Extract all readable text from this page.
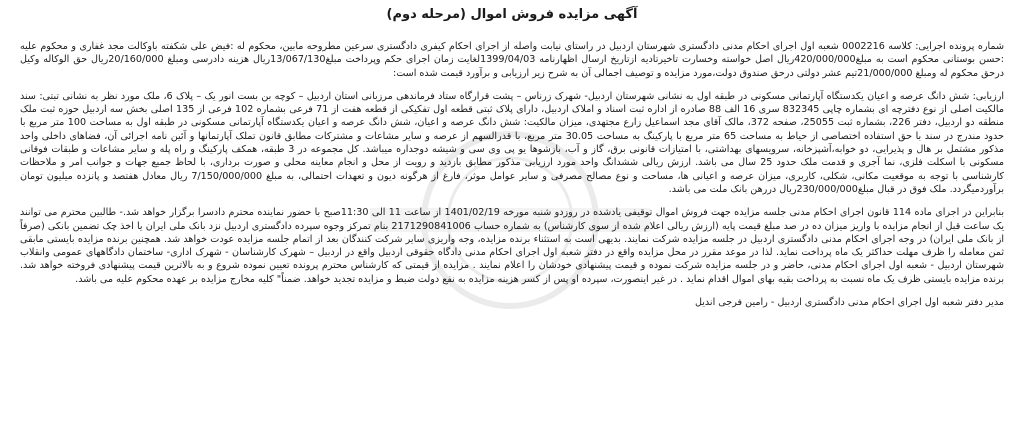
آگهی مزایده فروش اموال (مرحله دوم)

شماره پرونده اجرایی: کلاسه 0002216 شعبه اول اجرای احکام مدنی دادگستری شهرستان اردبیل در راستای نیابت واصله از اجرای احکام کیفری دادگستری سرعین مطروحه مابین، محکوم له :فیض علی شکفته باوکالت مجد غفاری و محکوم علیه :حسن بوستانی محکوم است به مبلغ420/000/000ریال اصل خواسته وخسارت تاخیرتادیه ازتاریخ ارسال اظهارنامه 1399/04/03لغایت زمان اجرای حکم وپرداخت مبلغ13/067/130ریال هزینه دادرسی ومبلغ 20/160/000ریال حق الوکاله وکیل درحق محکوم له ومبلغ 21/000/000تیم عشر دولتی درحق صندوق دولت،مورد مزایده و توصیف اجمالی آن به شرح زیر ارزیابی و برآورد قیمت شده است:

ارزیابی: شش دانگ عرصه و اعیان یکدستگاه آپارتمانی مسکونی در طبقه اول به نشانی شهرستان اردبیل- شهرک زرناس – پشت قرارگاه ستاد فرماندهی مرزبانی استان اردبیل – کوچه بن بست انور یک – پلاک 6، ملک مورد نظر به نشانی تبتی: سند مالکیت اصلی از نوع دفترچه ای بشماره چاپی 832345 سری 16 الف 88 صادره از اداره ثبت اسناد و املاک اردبیل، دارای پلاک ثبتی قطعه اول تفکیکی از قطعه هفت از 71 فرعی بشماره 102 فرعی از 135 اصلی بخش سه اردبیل حوزه ثبت ملک منطقه دو اردبیل، دفتر 226، بشماره ثبت 25055، صفحه 372، مالک آقای مجد اسماعیل زارع مجتهدی، میزان مالکیت: شش دانگ عرصه و اعیان، شش دانگ عرصه و اعیان یکدستگاه آپارتمانی مسکونی در طبقه اول به مساحت 100 متر مربع با حدود مندرج در سند با حق استفاده اختصاصی از حیاط به مساحت 65 متر مربع با پارکینگ به مساحت 30.05 متر مربع، با قدرالسهم از عرصه و سایر مشاعات و مشترکات مطابق قانون تملک آپارتمانها و آئین نامه اجرائی آن، فضاهای داخلی واحد مذکور مشتمل بر هال و پذیرایی، دو خوابه،آشپزخانه، سرویسهای بهداشتی، با امتیازات قانونی برق، گاز و آب، بازشوها یو پی وی سی و شیشه دوجداره میباشد. کل مجموعه در 3 طبقه، همکف پارکینگ و راه پله و سایر مشاعات و طبقات فوقانی مسکونی با اسکلت فلزی، نما آجری و قدمت ملک حدود 25 سال می باشد. ارزش ریالی ششدانگ واحد مورد ارزیابی مذکور مطابق بازدید و رویت از محل و انجام معاینه محلی و صورت برداری، با لحاظ جمیع جهات و جوانب امر و ملاحظات کارشناسی با توجه به موقعیت مکانی، شکلی، کاربری، میزان عرصه و اعیانی ها، مساحت و نوع مصالح مصرفی و سایر عوامل موثر، فارغ از هرگونه دیون و تعهدات احتمالی، به مبلغ 7/150/000/000 ریال معادل هفتصد و پانزده میلیون تومان برآوردمیگردد. ملک فوق در قبال مبلغ230/000/000ریال دررهن بانک ملت می باشد.

بنابراین در اجرای ماده 114 قانون اجرای احکام مدنی جلسه مزایده جهت فروش اموال توقیفی یادشده در روزدو شنبه مورخه 1401/02/19 از ساعت 11 الی 11:30صبح با حضور نماینده محترم دادسرا برگزار خواهد شد.- طالبین محترم می توانند یک ساعت قبل از انجام مزایده با واریز میزان ده در صد مبلغ قیمت پایه (ارزش ریالی اعلام شده از سوی کارشناس) به شماره حساب 2171290841006 بنام تمرکز وجوه سپرده دادگستری اردبیل نزد بانک ملی ایران یا اخذ چک تضمین بانکی (صرفاً از بانک ملی ایران) در وجه اجرای احکام مدنی دادگستری اردبیل در جلسه مزایده شرکت نمایند. بدیهی است به استثناء برنده مزایده، وجه واریزی سایر شرکت کنندگان بعد از اتمام جلسه مزایده عودت خواهد شد. همچنین برنده مزایده بایستی مابقی ثمن معامله را ظرف مهلت حداکثر یک ماه پرداخت نماید. لذا در موعد مقرر در محل مزایده واقع در دفتر شعبه اول اجرای احکام مدنی دادگاه حقوقی اردبیل واقع در اردبیل – شهرک کارشناسان - شهرک اداری- ساختمان دادگاههای عمومی وانقلاب شهرستان اردبیل - شعبه اول اجرای احکام مدنی، حاضر و در جلسه مزایده شرکت نموده و قیمت پیشنهادی خودشان را اعلام نمایند . مزایده از قیمتی که کارشناس محترم پرونده تعیین نموده شروع و به بالاترین قیمت پیشنهادی فروخته خواهد شد. برنده مزایده بایستی ظرف یک ماه نسبت به پرداخت بقیه بهای اموال اقدام نماید . در غیر اینصورت، سپرده او پس از کسر هزینه مزایده به نفع دولت ضبط و مزایده تجدید خواهد. ضمناً" کلیه مخارج مزایده بر عهده محکوم علیه می باشد.

مدیر دفتر شعبه اول اجرای احکام مدنی دادگستری اردبیل - رامین فرجی اندیل
